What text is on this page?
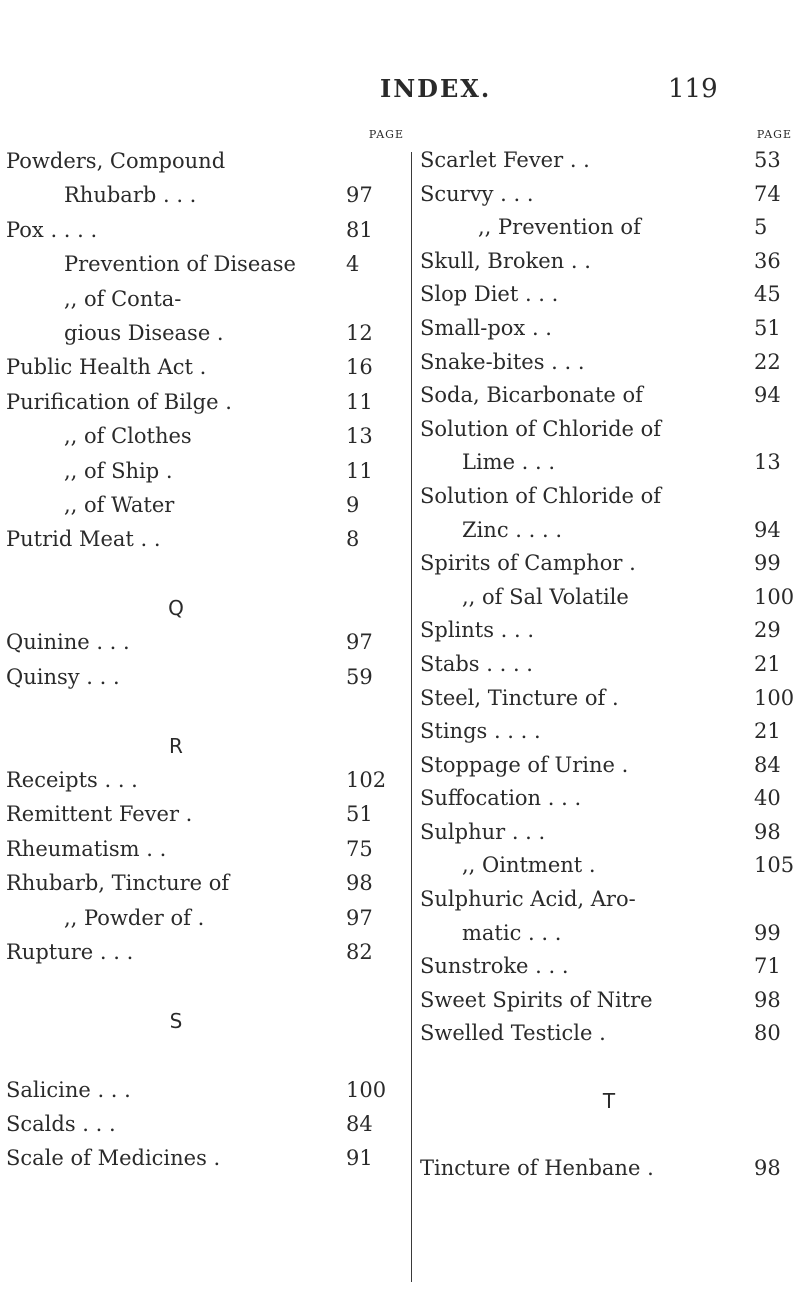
INDEX.	119
PAGE
Powders, Compound
Rhubarb . . .	97
Pox . . . .	81
Prevention of Disease	4
,, of Conta-
gious Disease .	12
Public Health Act .	16
Purification of Bilge .	11
,, of Clothes	13
,, of Ship .	11
,, of Water	9
Putrid Meat . .	8
Q
Quinine . . .	97
Quinsy . . .	59
R
Receipts . . .	102
Remittent Fever .	51
Rheumatism . .	75
Rhubarb, Tincture of	98
,, Powder of .	97
Rupture . . .	82
S
Salicine . . .	100
Scalds . . .	84
Scale of Medicines .	91
PAGE
Scarlet Fever . .	53
Scurvy . . .	74
,, Prevention of	5
Skull, Broken . .	36
Slop Diet . . .	45
Small-pox . .	51
Snake-bites . . .	22
Soda, Bicarbonate of	94
Solution of Chloride of
Lime . . .	13
Solution of Chloride of
Zinc . . . .	94
Spirits of Camphor .	99
,, of Sal Volatile	100
Splints . . .	29
Stabs . . . .	21
Steel, Tincture of .	100
Stings . . . .	21
Stoppage of Urine .	84
Suffocation . . .	40
Sulphur . . .	98
,, Ointment .	105
Sulphuric Acid, Aro-
matic . . .	99
Sunstroke . . .	71
Sweet Spirits of Nitre	98
Swelled Testicle .	80
T
Tincture of Henbane .	98
